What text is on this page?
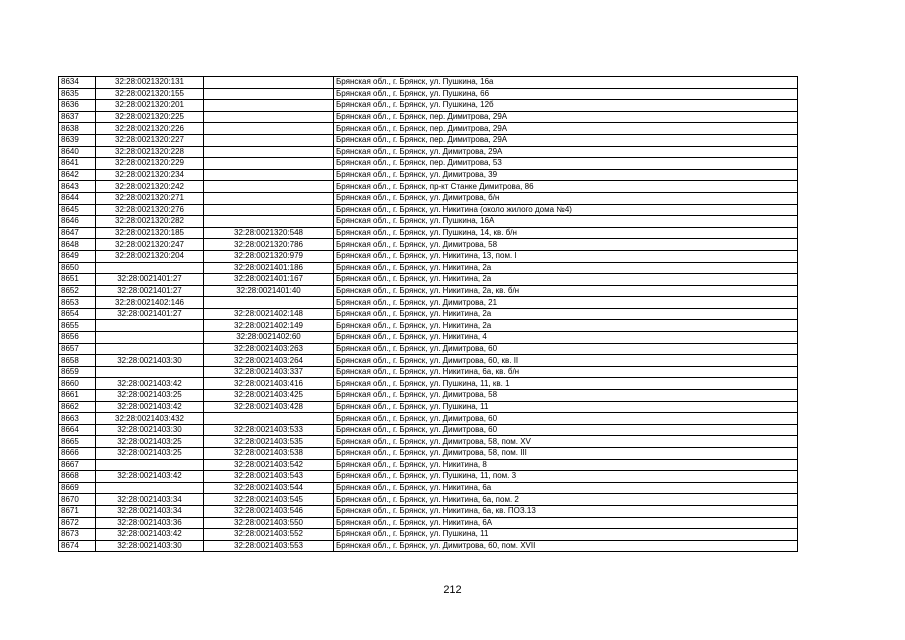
8634	32:28:0021320:131		Брянская обл., г. Брянск, ул. Пушкина, 16а
8635	32:28:0021320:155		Брянская обл., г. Брянск, ул. Пушкина, 66
8636	32:28:0021320:201		Брянская обл., г. Брянск, ул. Пушкина, 12б
8637	32:28:0021320:225		Брянская обл., г. Брянск, пер. Димитрова, 29А
8638	32:28:0021320:226		Брянская обл., г. Брянск, пер. Димитрова, 29А
8639	32:28:0021320:227		Брянская обл., г. Брянск, пер. Димитрова, 29А
8640	32:28:0021320:228		Брянская обл., г. Брянск, ул. Димитрова, 29А
8641	32:28:0021320:229		Брянская обл., г. Брянск, пер. Димитрова, 53
8642	32:28:0021320:234		Брянская обл., г. Брянск, ул. Димитрова, 39
8643	32:28:0021320:242		Брянская обл., г. Брянск, пр-кт Станке Димитрова, 86
8644	32:28:0021320:271		Брянская обл., г. Брянск, ул. Димитрова, б/н
8645	32:28:0021320:276		Брянская обл., г. Брянск, ул. Никитина (около жилого дома №4)
8646	32:28:0021320:282		Брянская обл., г. Брянск, ул. Пушкина, 16А
8647	32:28:0021320:185	32:28:0021320:548	Брянская обл., г. Брянск, ул. Пушкина, 14, кв. б/н
8648	32:28:0021320:247	32:28:0021320:786	Брянская обл., г. Брянск, ул. Димитрова, 58
8649	32:28:0021320:204	32:28:0021320:979	Брянская обл., г. Брянск, ул. Никитина, 13, пом. I
8650		32:28:0021401:186	Брянская обл., г. Брянск, ул. Никитина, 2а
8651	32:28:0021401:27	32:28:0021401:167	Брянская обл., г. Брянск, ул. Никитина, 2а
8652	32:28:0021401:27	32:28:0021401:40	Брянская обл., г. Брянск, ул. Никитина, 2а, кв. б/н
8653	32:28:0021402:146		Брянская обл., г. Брянск, ул. Димитрова, 21
8654	32:28:0021401:27	32:28:0021402:148	Брянская обл., г. Брянск, ул. Никитина, 2а
8655		32:28:0021402:149	Брянская обл., г. Брянск, ул. Никитина, 2а
8656		32:28:0021402:60	Брянская обл., г. Брянск, ул. Никитина, 4
8657		32:28:0021403:263	Брянская обл., г. Брянск, ул. Димитрова, 60
8658	32:28:0021403:30	32:28:0021403:264	Брянская обл., г. Брянск, ул. Димитрова, 60, кв. II
8659		32:28:0021403:337	Брянская обл., г. Брянск, ул. Никитина, 6а, кв. б/н
8660	32:28:0021403:42	32:28:0021403:416	Брянская обл., г. Брянск, ул. Пушкина, 11, кв. 1
8661	32:28:0021403:25	32:28:0021403:425	Брянская обл., г. Брянск, ул. Димитрова, 58
8662	32:28:0021403:42	32:28:0021403:428	Брянская обл., г. Брянск, ул. Пушкина, 11
8663	32:28:0021403:432		Брянская обл., г. Брянск, ул. Димитрова, 60
8664	32:28:0021403:30	32:28:0021403:533	Брянская обл., г. Брянск, ул. Димитрова, 60
8665	32:28:0021403:25	32:28:0021403:535	Брянская обл., г. Брянск, ул. Димитрова, 58, пом. XV
8666	32:28:0021403:25	32:28:0021403:538	Брянская обл., г. Брянск, ул. Димитрова, 58, пом. III
8667		32:28:0021403:542	Брянская обл., г. Брянск, ул. Никитина, 8
8668	32:28:0021403:42	32:28:0021403:543	Брянская обл., г. Брянск, ул. Пушкина, 11, пом. 3
8669		32:28:0021403:544	Брянская обл., г. Брянск, ул. Никитина, 6а
8670	32:28:0021403:34	32:28:0021403:545	Брянская обл., г. Брянск, ул. Никитина, 6а, пом. 2
8671	32:28:0021403:34	32:28:0021403:546	Брянская обл., г. Брянск, ул. Никитина, 6а, кв. ПОЗ.13
8672	32:28:0021403:36	32:28:0021403:550	Брянская обл., г. Брянск, ул. Никитина, 6А
8673	32:28:0021403:42	32:28:0021403:552	Брянская обл., г. Брянск, ул. Пушкина, 11
8674	32:28:0021403:30	32:28:0021403:553	Брянская обл., г. Брянск, ул. Димитрова, 60, пом. XVII
212
